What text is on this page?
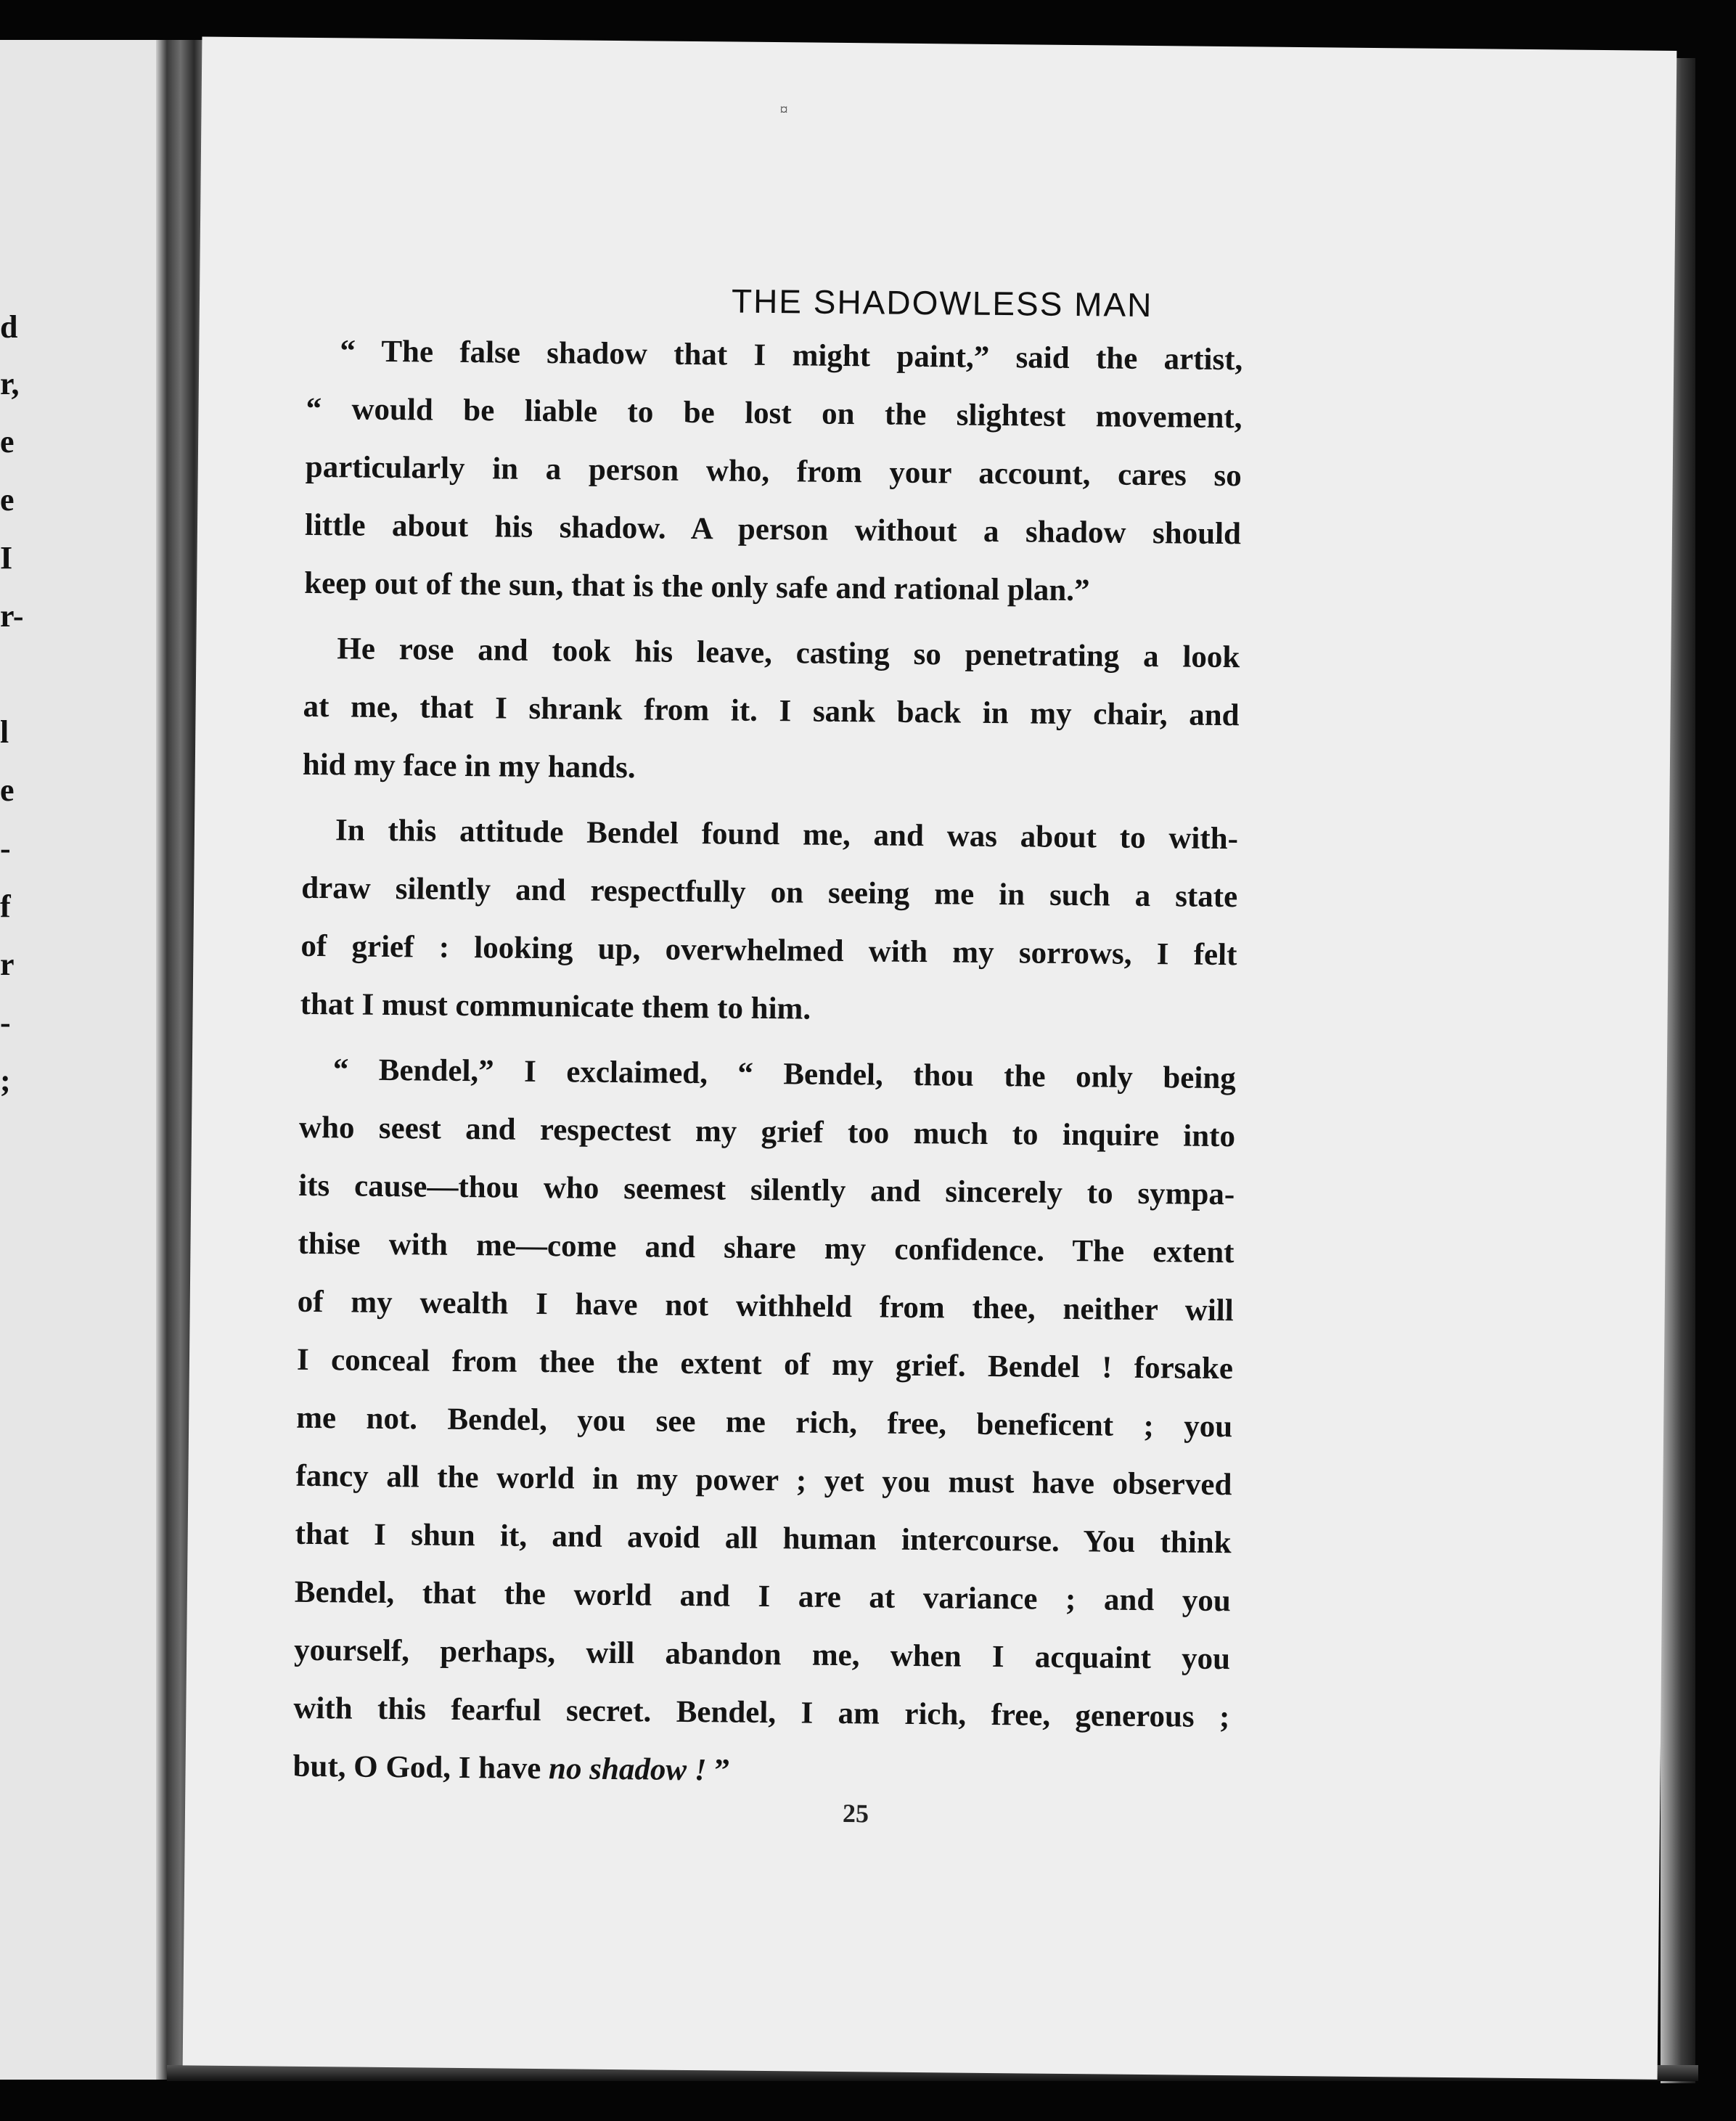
d
r,
e
e
I
r-
l
e
-
f
r
-
;
¤
THE SHADOWLESS MAN
“ The false shadow that I might paint,” said the artist,
“ would be liable to be lost on the slightest movement,
particularly in a person who, from your account, cares so
little about his shadow. A person without a shadow should
keep out of the sun, that is the only safe and rational plan.”
He rose and took his leave, casting so penetrating a look
at me, that I shrank from it. I sank back in my chair, and
hid my face in my hands.
In this attitude Bendel found me, and was about to with-
draw silently and respectfully on seeing me in such a state
of grief : looking up, overwhelmed with my sorrows, I felt
that I must communicate them to him.
“ Bendel,” I exclaimed, “ Bendel, thou the only being
who seest and respectest my grief too much to inquire into
its cause—thou who seemest silently and sincerely to sympa-
thise with me—come and share my confidence. The extent
of my wealth I have not withheld from thee, neither will
I conceal from thee the extent of my grief. Bendel ! forsake
me not. Bendel, you see me rich, free, beneficent ; you
fancy all the world in my power ; yet you must have observed
that I shun it, and avoid all human intercourse. You think
Bendel, that the world and I are at variance ; and you
yourself, perhaps, will abandon me, when I acquaint you
with this fearful secret. Bendel, I am rich, free, generous ;
but, O God, I have no shadow ! ”
25
